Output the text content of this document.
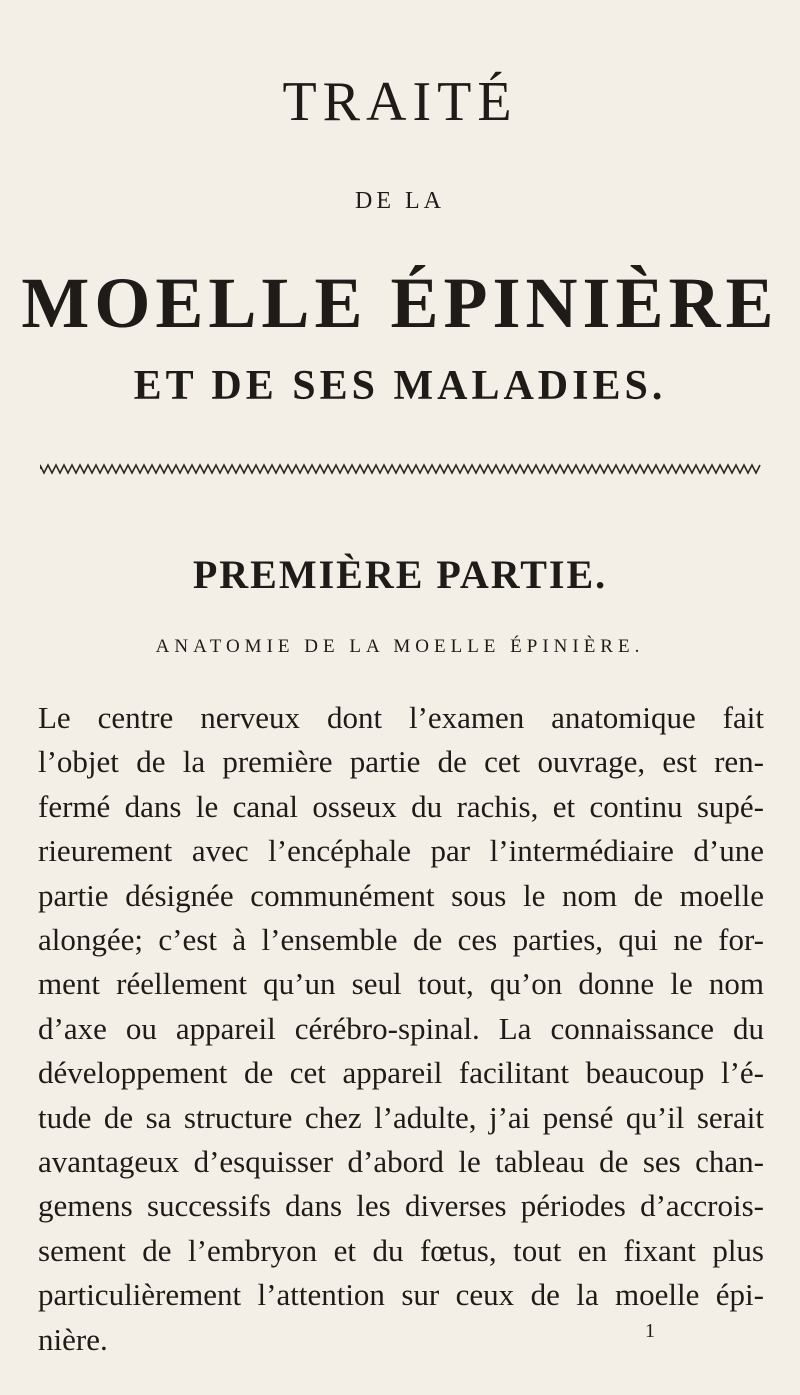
TRAITÉ
DE LA
MOELLE ÉPINIÈRE
ET DE SES MALADIES.
PREMIÈRE PARTIE.
ANATOMIE DE LA MOELLE ÉPINIÈRE.
Le centre nerveux dont l’examen anatomique fait
l’objet de la première partie de cet ouvrage, est ren-
fermé dans le canal osseux du rachis, et continu supé-
rieurement avec l’encéphale par l’intermédiaire d’une
partie désignée communément sous le nom de moelle
alongée; c’est à l’ensemble de ces parties, qui ne for-
ment réellement qu’un seul tout, qu’on donne le nom
d’axe ou appareil cérébro-spinal. La connaissance du
développement de cet appareil facilitant beaucoup l’é-
tude de sa structure chez l’adulte, j’ai pensé qu’il serait
avantageux d’esquisser d’abord le tableau de ses chan-
gemens successifs dans les diverses périodes d’accrois-
sement de l’embryon et du fœtus, tout en fixant plus
particulièrement l’attention sur ceux de la moelle épi-
nière.	1
